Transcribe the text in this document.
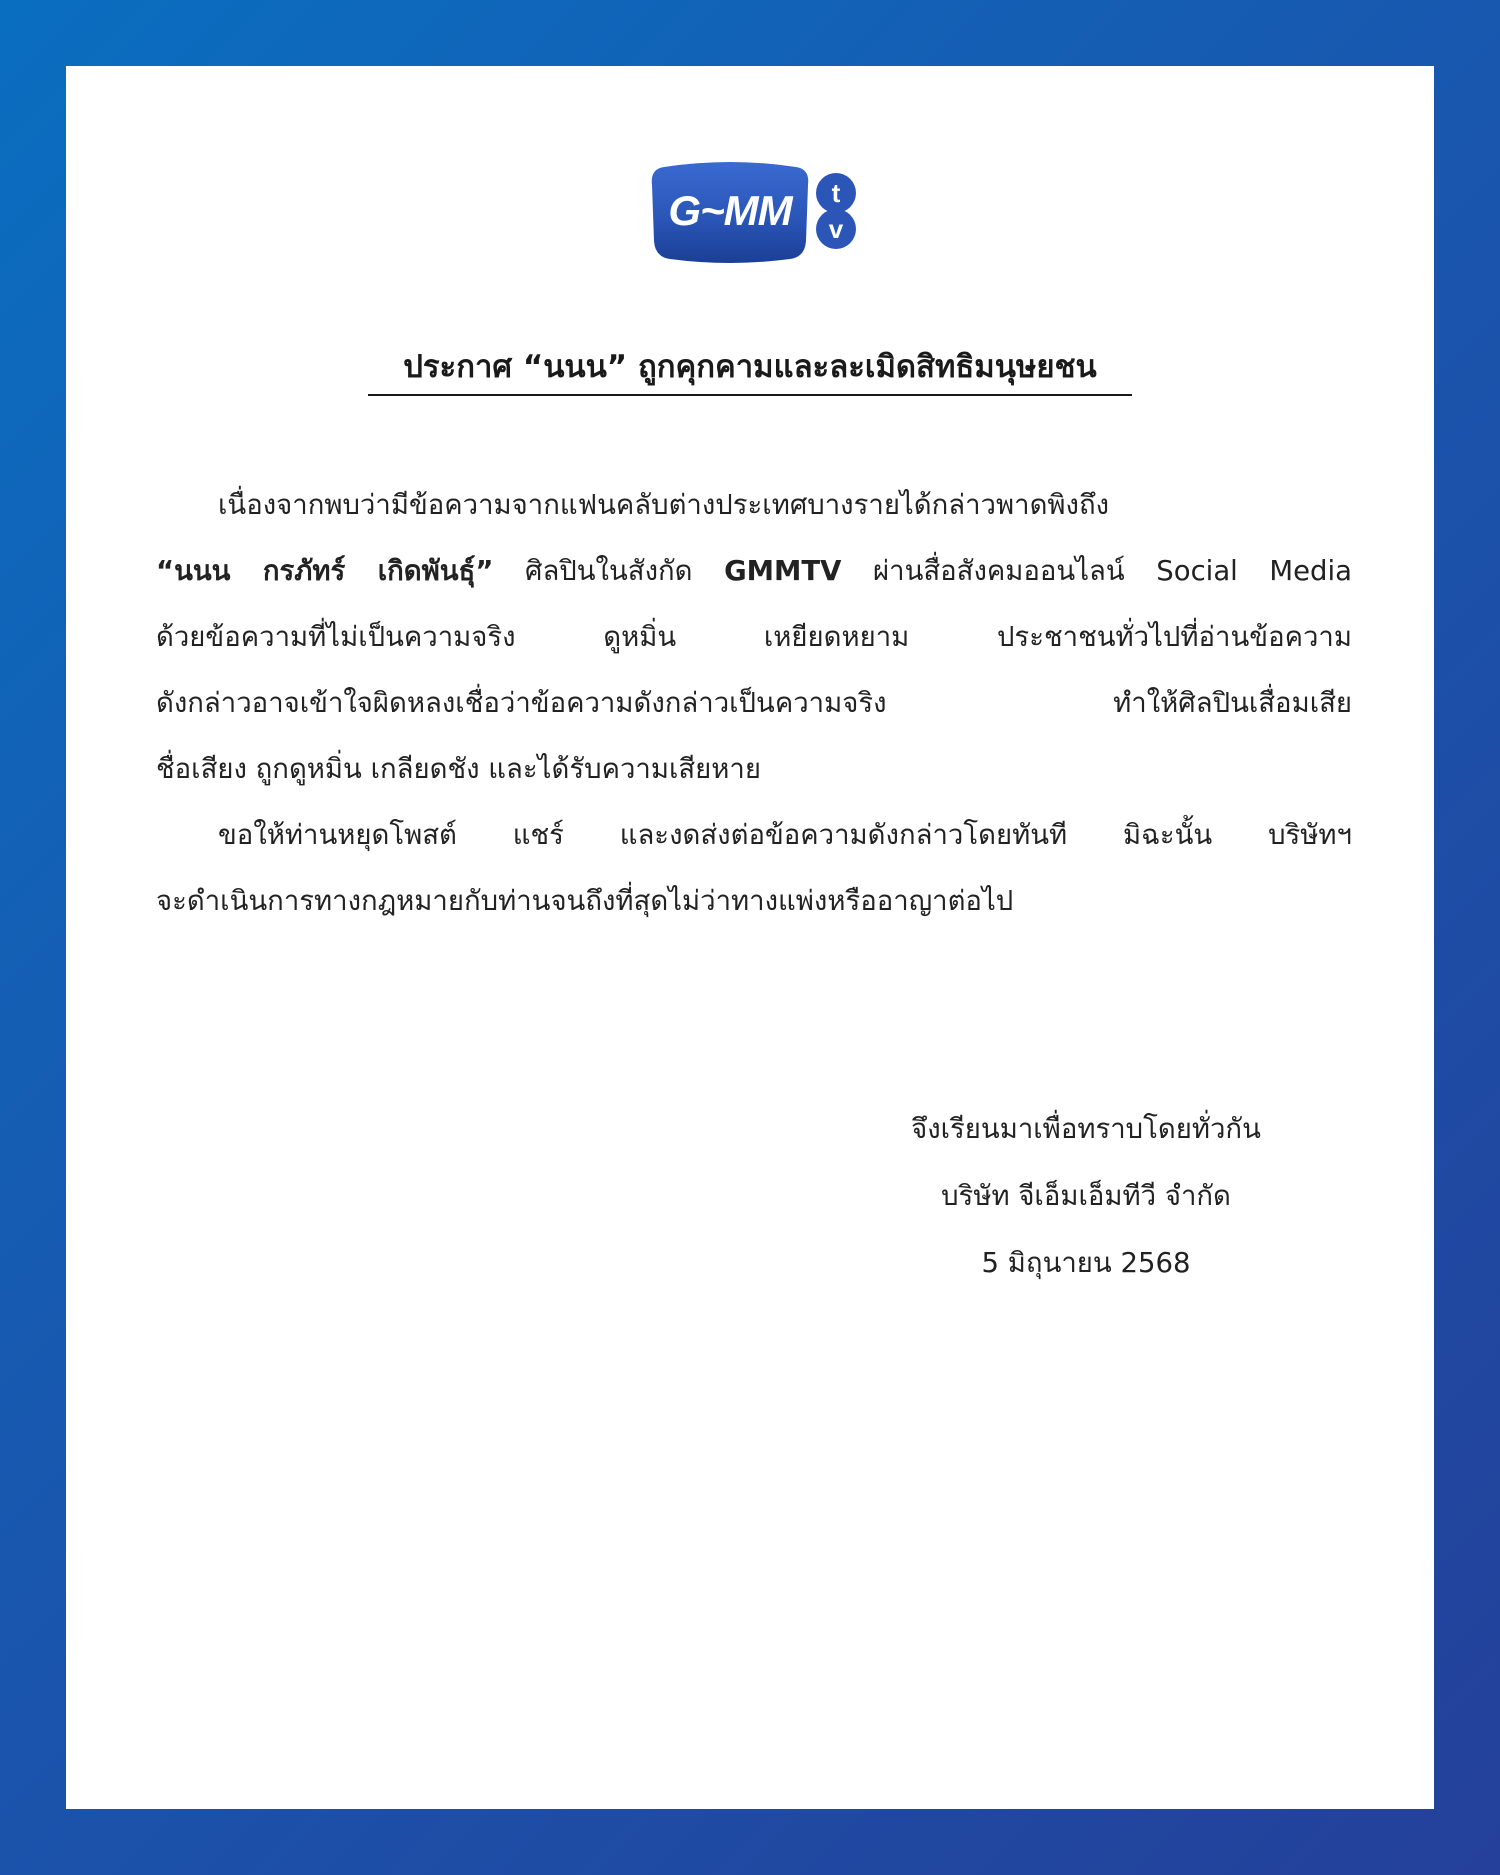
G~MM t
v
ประกาศ “นนน” ถูกคุกคามและละเมิดสิทธิมนุษยชน
เนื่องจากพบว่ามีข้อความจากแฟนคลับต่างประเทศบางรายได้กล่าวพาดพิงถึง
“นนน กรภัทร์ เกิดพันธุ์” ศิลปินในสังกัด GMMTV ผ่านสื่อสังคมออนไลน์ Social Media
ด้วยข้อความที่ไม่เป็นความจริง ดูหมิ่น เหยียดหยาม ประชาชนทั่วไปที่อ่านข้อความ
ดังกล่าวอาจเข้าใจผิดหลงเชื่อว่าข้อความดังกล่าวเป็นความจริง ทำให้ศิลปินเสื่อมเสีย
ชื่อเสียง ถูกดูหมิ่น เกลียดชัง และได้รับความเสียหาย
ขอให้ท่านหยุดโพสต์ แชร์ และงดส่งต่อข้อความดังกล่าวโดยทันที มิฉะนั้น บริษัทฯ
จะดำเนินการทางกฎหมายกับท่านจนถึงที่สุดไม่ว่าทางแพ่งหรืออาญาต่อไป
จึงเรียนมาเพื่อทราบโดยทั่วกัน
บริษัท จีเอ็มเอ็มทีวี จำกัด
5 มิถุนายน 2568
